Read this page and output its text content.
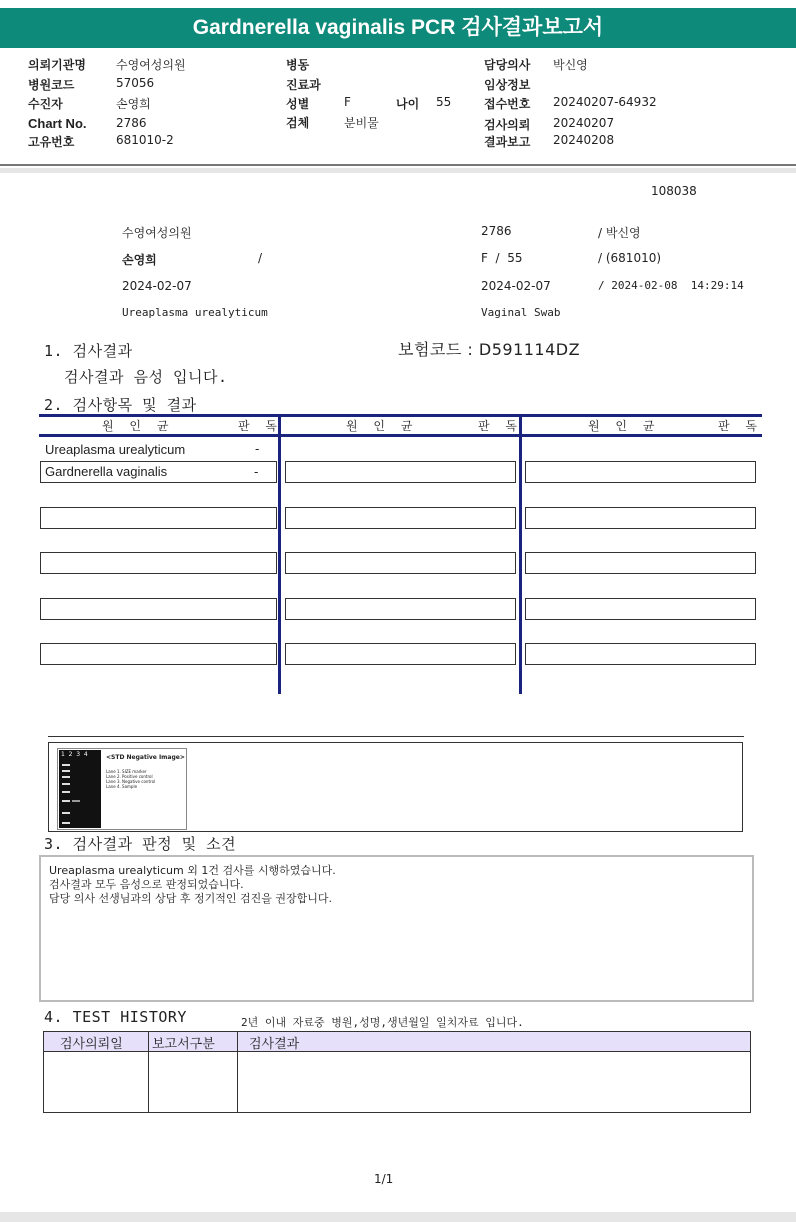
Gardnerella vaginalis PCR 검사결과보고서
의뢰기관명	수영여성의원
병원코드	57056
수진자	손영희
Chart No. 2786
고유번호	681010-2
병동
진료과
성별	F	나이 55
검체	분비물
담당의사 박신영
임상정보
접수번호 20240207-64932
검사의뢰 20240207
결과보고 20240208
108038
수영여성의원	2786	/ 박신영
손영희	/	F  /  55	/ (681010)
2024-02-07	2024-02-07	/ 2024-02-08  14:29:14
Ureaplasma urealyticum	Vaginal Swab
1. 검사결과	보험코드 : D591114DZ
검사결과 음성 입니다.
2. 검사항목 및 결과
원 인 균	판 독	원 인 균	판 독	원 인 균	판 독
Ureaplasma urealyticum	-
Gardnerella vaginalis	-
1  2  3  4	<STD Negative Image>
Lane 1. SIZE marker
Lane 2. Positive control
Lane 3. Negative control
Lane 4. Sample
3. 검사결과 판정 및 소견
Ureaplasma urealyticum 외 1건 검사를 시행하였습니다.
검사결과 모두 음성으로 판정되었습니다.
담당 의사 선생님과의 상담 후 정기적인 검진을 권장합니다.
4. TEST HISTORY	2년 이내 자료중 병원,성명,생년월일 일치자료 입니다.
검사의뢰일 보고서구분	검사결과
1/1
